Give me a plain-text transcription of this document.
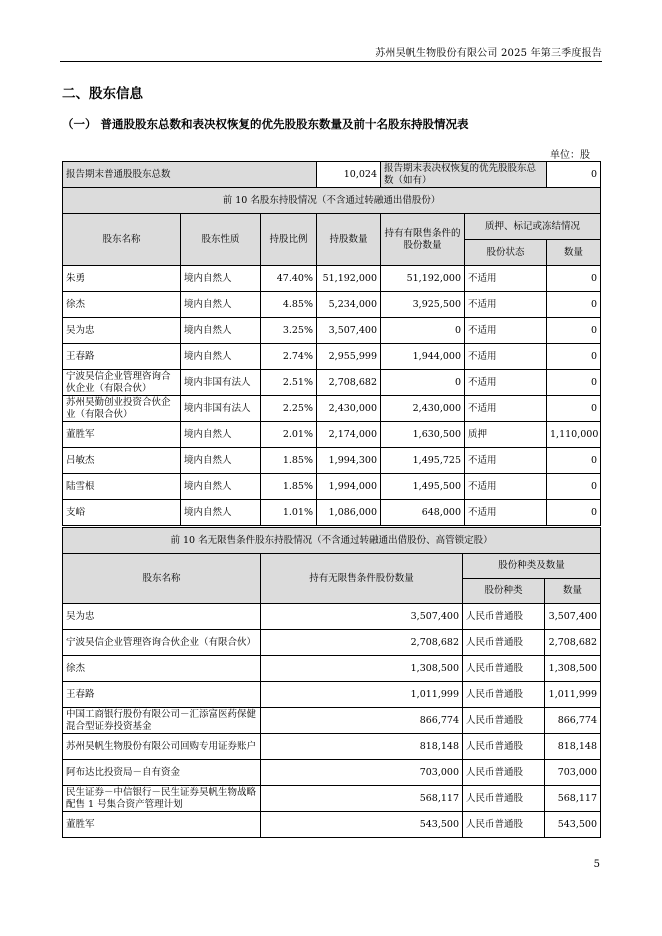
苏州昊帆生物股份有限公司 2025 年第三季度报告
二、股东信息
（一） 普通股股东总数和表决权恢复的优先股股东数量及前十名股东持股情况表
单位：股
报告期末普通股股东总数			10,024	报告期末表决权恢复的优先股股东总数（如有）		0
前 10 名股东持股情况（不含通过转融通出借股份）						
股东名称	股东性质	持股比例	持股数量	持有有限售条件的股份数量	质押、标记或冻结情况	
					股份状态	数量
朱勇	境内自然人	47.40%	51,192,000	51,192,000	不适用	0
徐杰	境内自然人	4.85%	5,234,000	3,925,500	不适用	0
吴为忠	境内自然人	3.25%	3,507,400	0	不适用	0
王春路	境内自然人	2.74%	2,955,999	1,944,000	不适用	0
宁波昊信企业管理咨询合伙企业（有限合伙）	境内非国有法人	2.51%	2,708,682	0	不适用	0
苏州昊勤创业投资合伙企业（有限合伙）	境内非国有法人	2.25%	2,430,000	2,430,000	不适用	0
董胜军	境内自然人	2.01%	2,174,000	1,630,500	质押	1,110,000
吕敏杰	境内自然人	1.85%	1,994,300	1,495,725	不适用	0
陆雪根	境内自然人	1.85%	1,994,000	1,495,500	不适用	0
支峪	境内自然人	1.01%	1,086,000	648,000	不适用	0
前 10 名无限售条件股东持股情况（不含通过转融通出借股份、高管锁定股）			
股东名称	持有无限售条件股份数量	股份种类及数量	
		股份种类	数量
吴为忠	3,507,400	人民币普通股	3,507,400
宁波昊信企业管理咨询合伙企业（有限合伙）	2,708,682	人民币普通股	2,708,682
徐杰	1,308,500	人民币普通股	1,308,500
王春路	1,011,999	人民币普通股	1,011,999
中国工商银行股份有限公司－汇添富医药保健混合型证券投资基金	866,774	人民币普通股	866,774
苏州昊帆生物股份有限公司回购专用证券账户	818,148	人民币普通股	818,148
阿布达比投资局－自有资金	703,000	人民币普通股	703,000
民生证券－中信银行－民生证券昊帆生物战略配售 1 号集合资产管理计划	568,117	人民币普通股	568,117
董胜军	543,500	人民币普通股	543,500
5
